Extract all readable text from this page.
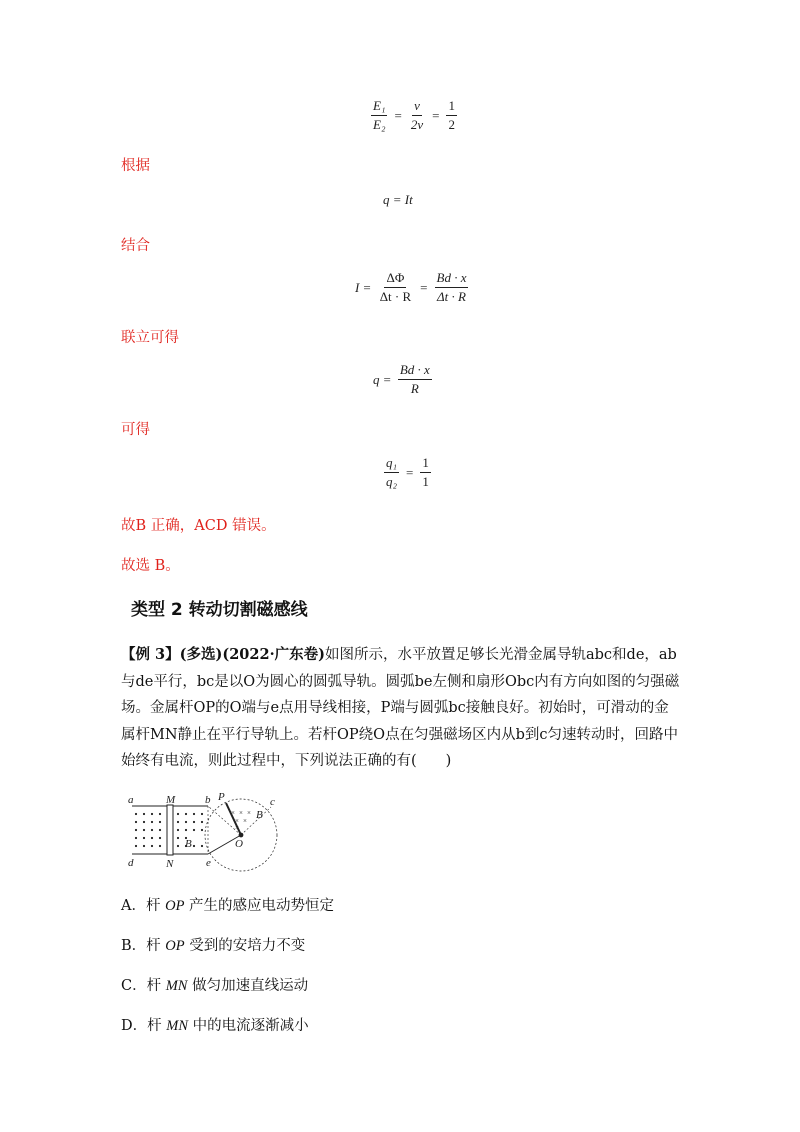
$\frac{\text{E₁}}{\text{E₂}} = \frac{v}{2v} = \frac{1}{2}$
根据
q = It
结合
$I = \frac{\Delta\Phi}{\Delta t \cdot R} = \frac{Bd \cdot x}{\Delta t \cdot R}$
联立可得
$q = \frac{Bd \cdot x}{R}$
可得
$\frac{\text{q₁}}{\text{q₂}} = \frac{1}{1}$
故B 正确，ACD 错误。
故选 B。
类型 2 转动切割磁感线
【例 3】(多选)(2022·广东卷)如图所示，水平放置足够长光滑金属导轨abc和de，ab与de平行，bc是以O为圆心的圆弧导轨。圆弧be左侧和扇形Obc内有方向如图的匀强磁场。金属杆OP的O端与e点用导线相接，P端与圆弧bc接触良好。初始时，可滑动的金属杆MN静止在平行导轨上。若杆OP绕O点在匀强磁场区内从b到c匀速转动时，回路中始终有电流，则此过程中，下列说法正确的有(　　)
× × ×
× ×
×
a	M	b P
B
c
d	N
B
e
O
A．杆 OP 产生的感应电动势恒定
B．杆 OP 受到的安培力不变
C．杆 MN 做匀加速直线运动
D．杆 MN 中的电流逐渐减小
